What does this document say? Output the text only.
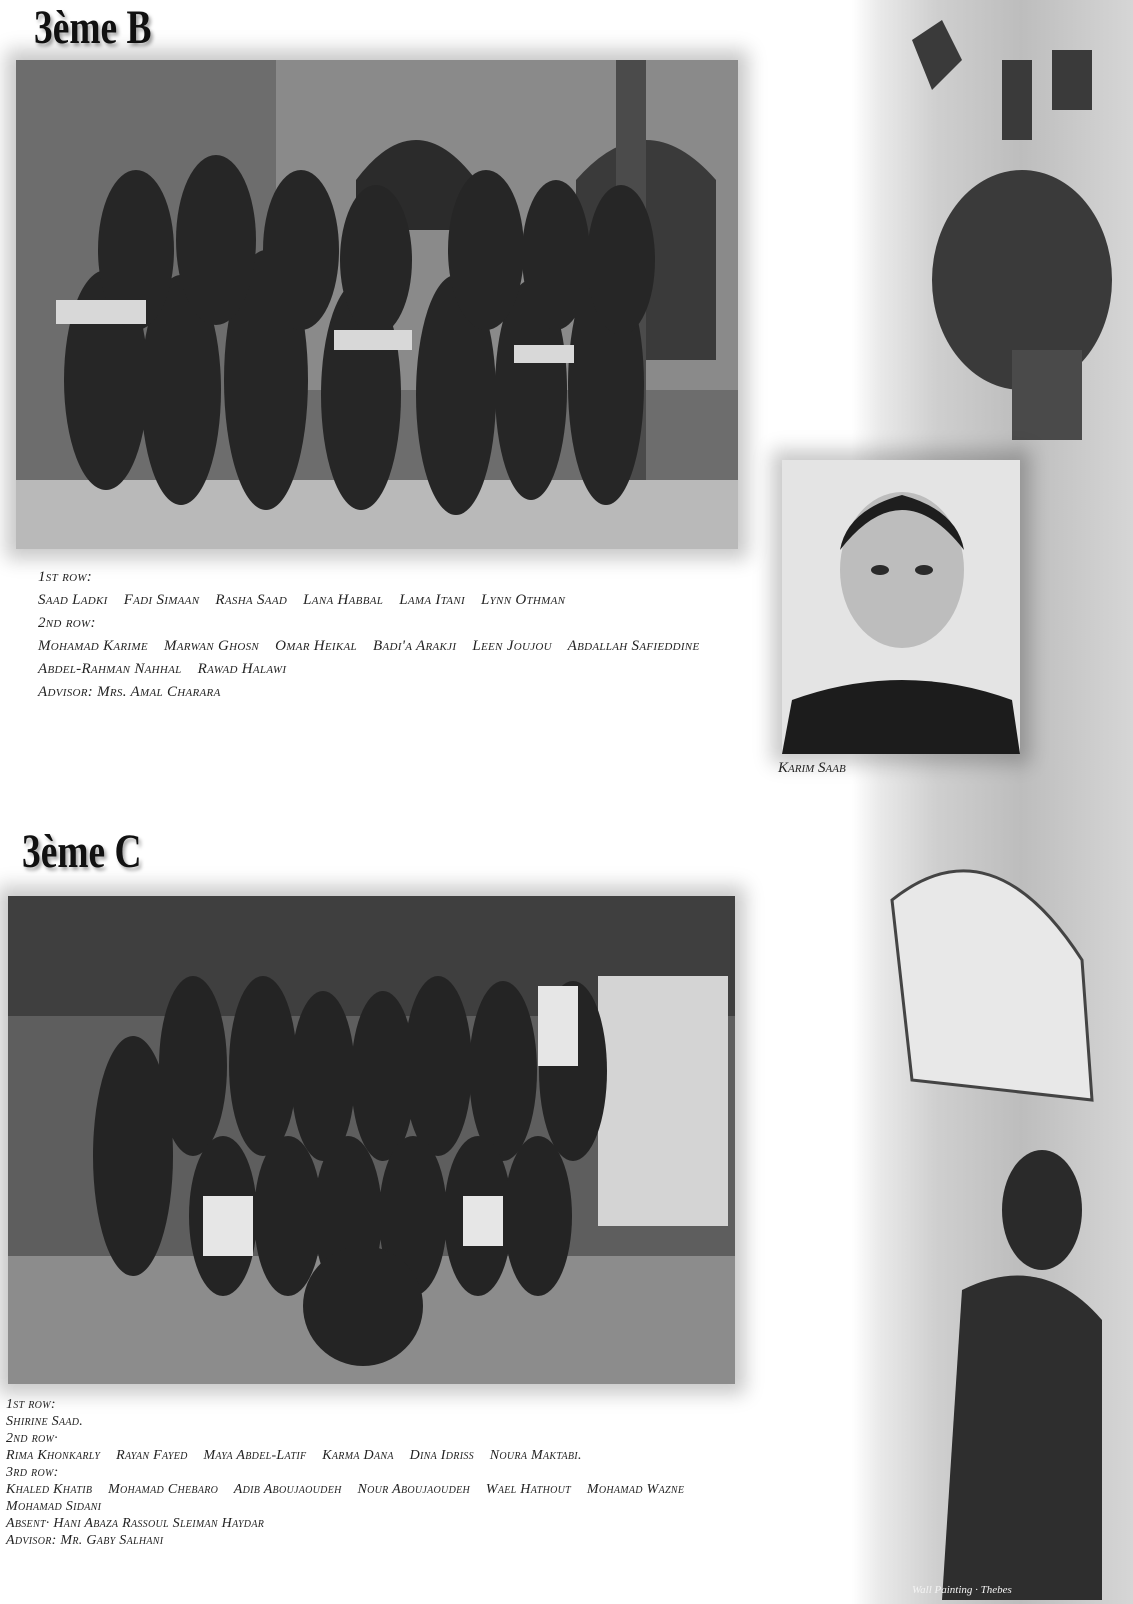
3ème B
3ème C
1st row:
Saad Ladki Fadi Simaan Rasha Saad Lana Habbal Lama Itani Lynn Othman
2nd row:
Mohamad Karime Marwan Ghosn Omar Heikal Badi'a Arakji Leen Joujou Abdallah Safieddine Abdel-Rahman Nahhal Rawad Halawi
Advisor: Mrs. Amal Charara
Karim Saab
1st row:
Shirine Saad.
2nd row·
Rima Khonkarly Rayan Fayed Maya Abdel-Latif Karma Dana Dina Idriss Noura Maktabi.
3rd row:
Khaled Khatib Mohamad Chebaro Adib Aboujaoudeh Nour Aboujaoudeh Wael Hathout Mohamad Wazne Mohamad Sidani
Absent· Hani Abaza Rassoul Sleiman Haydar
Advisor: Mr. Gaby Salhani
Wall Painting · Thebes
